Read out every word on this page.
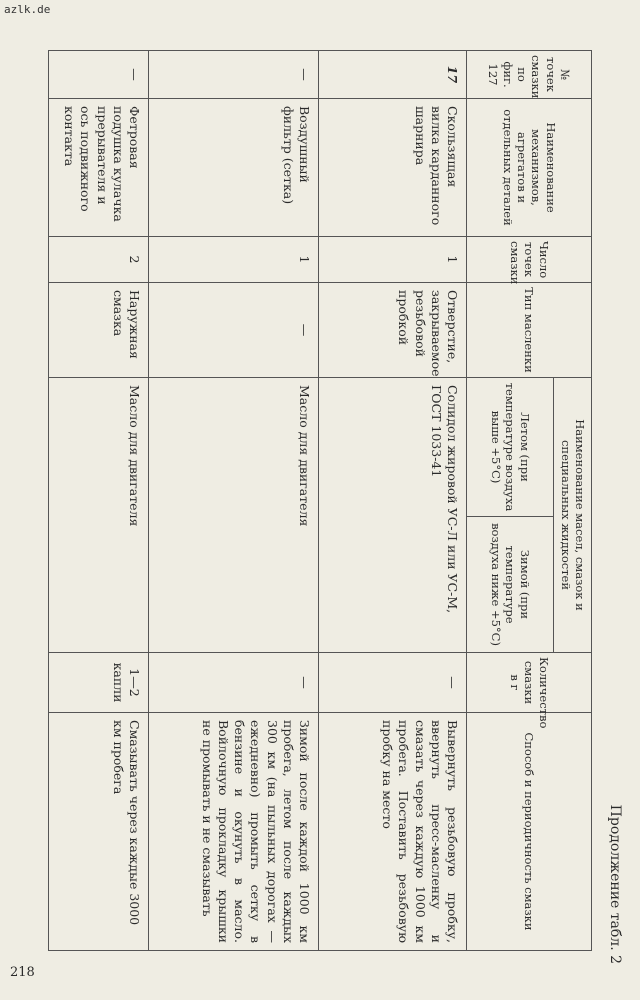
azlk.de
218
Продолжение табл. 2
№ точек смазки по фиг. 127	Наименование механизмов, агрегатов и отдельных деталей	Число точек смазки	Тип масленки	Наименование масел, смазок и специальных жидкостей		Количество смазки в г	Способ и периодичность смазки
				Летом (при температуре воздуха выше +5°С)	Зимой (при температуре воздуха ниже +5°С)		
17	Скользящая вилка карданного шарнира	1	Отверстие, закрываемое резьбовой пробкой	Солидол жировой УС-Л или УС-М, ГОСТ 1033-41		—	Вывернуть резьбовую пробку, ввернуть пресс-масленку и смазать через каждую 1000 км пробега. Поставить резьбовую пробку на место
—	Воздушный фильтр (сетка)	1	—	Масло для двигателя		—	Зимой после каждой 1000 км пробега, летом после каждых 300 км (на пыльных дорогах — ежедневно) промыть сетку в бензине и окунуть в масло. Войлочную прокладку крышки не промывать и не смазывать
—	Фетровая подушка кулачка прерывателя и ось подвижного контакта	2	Наружная смазка	Масло для двигателя		1—2 капли	Смазывать через каждые 3000 км пробега
